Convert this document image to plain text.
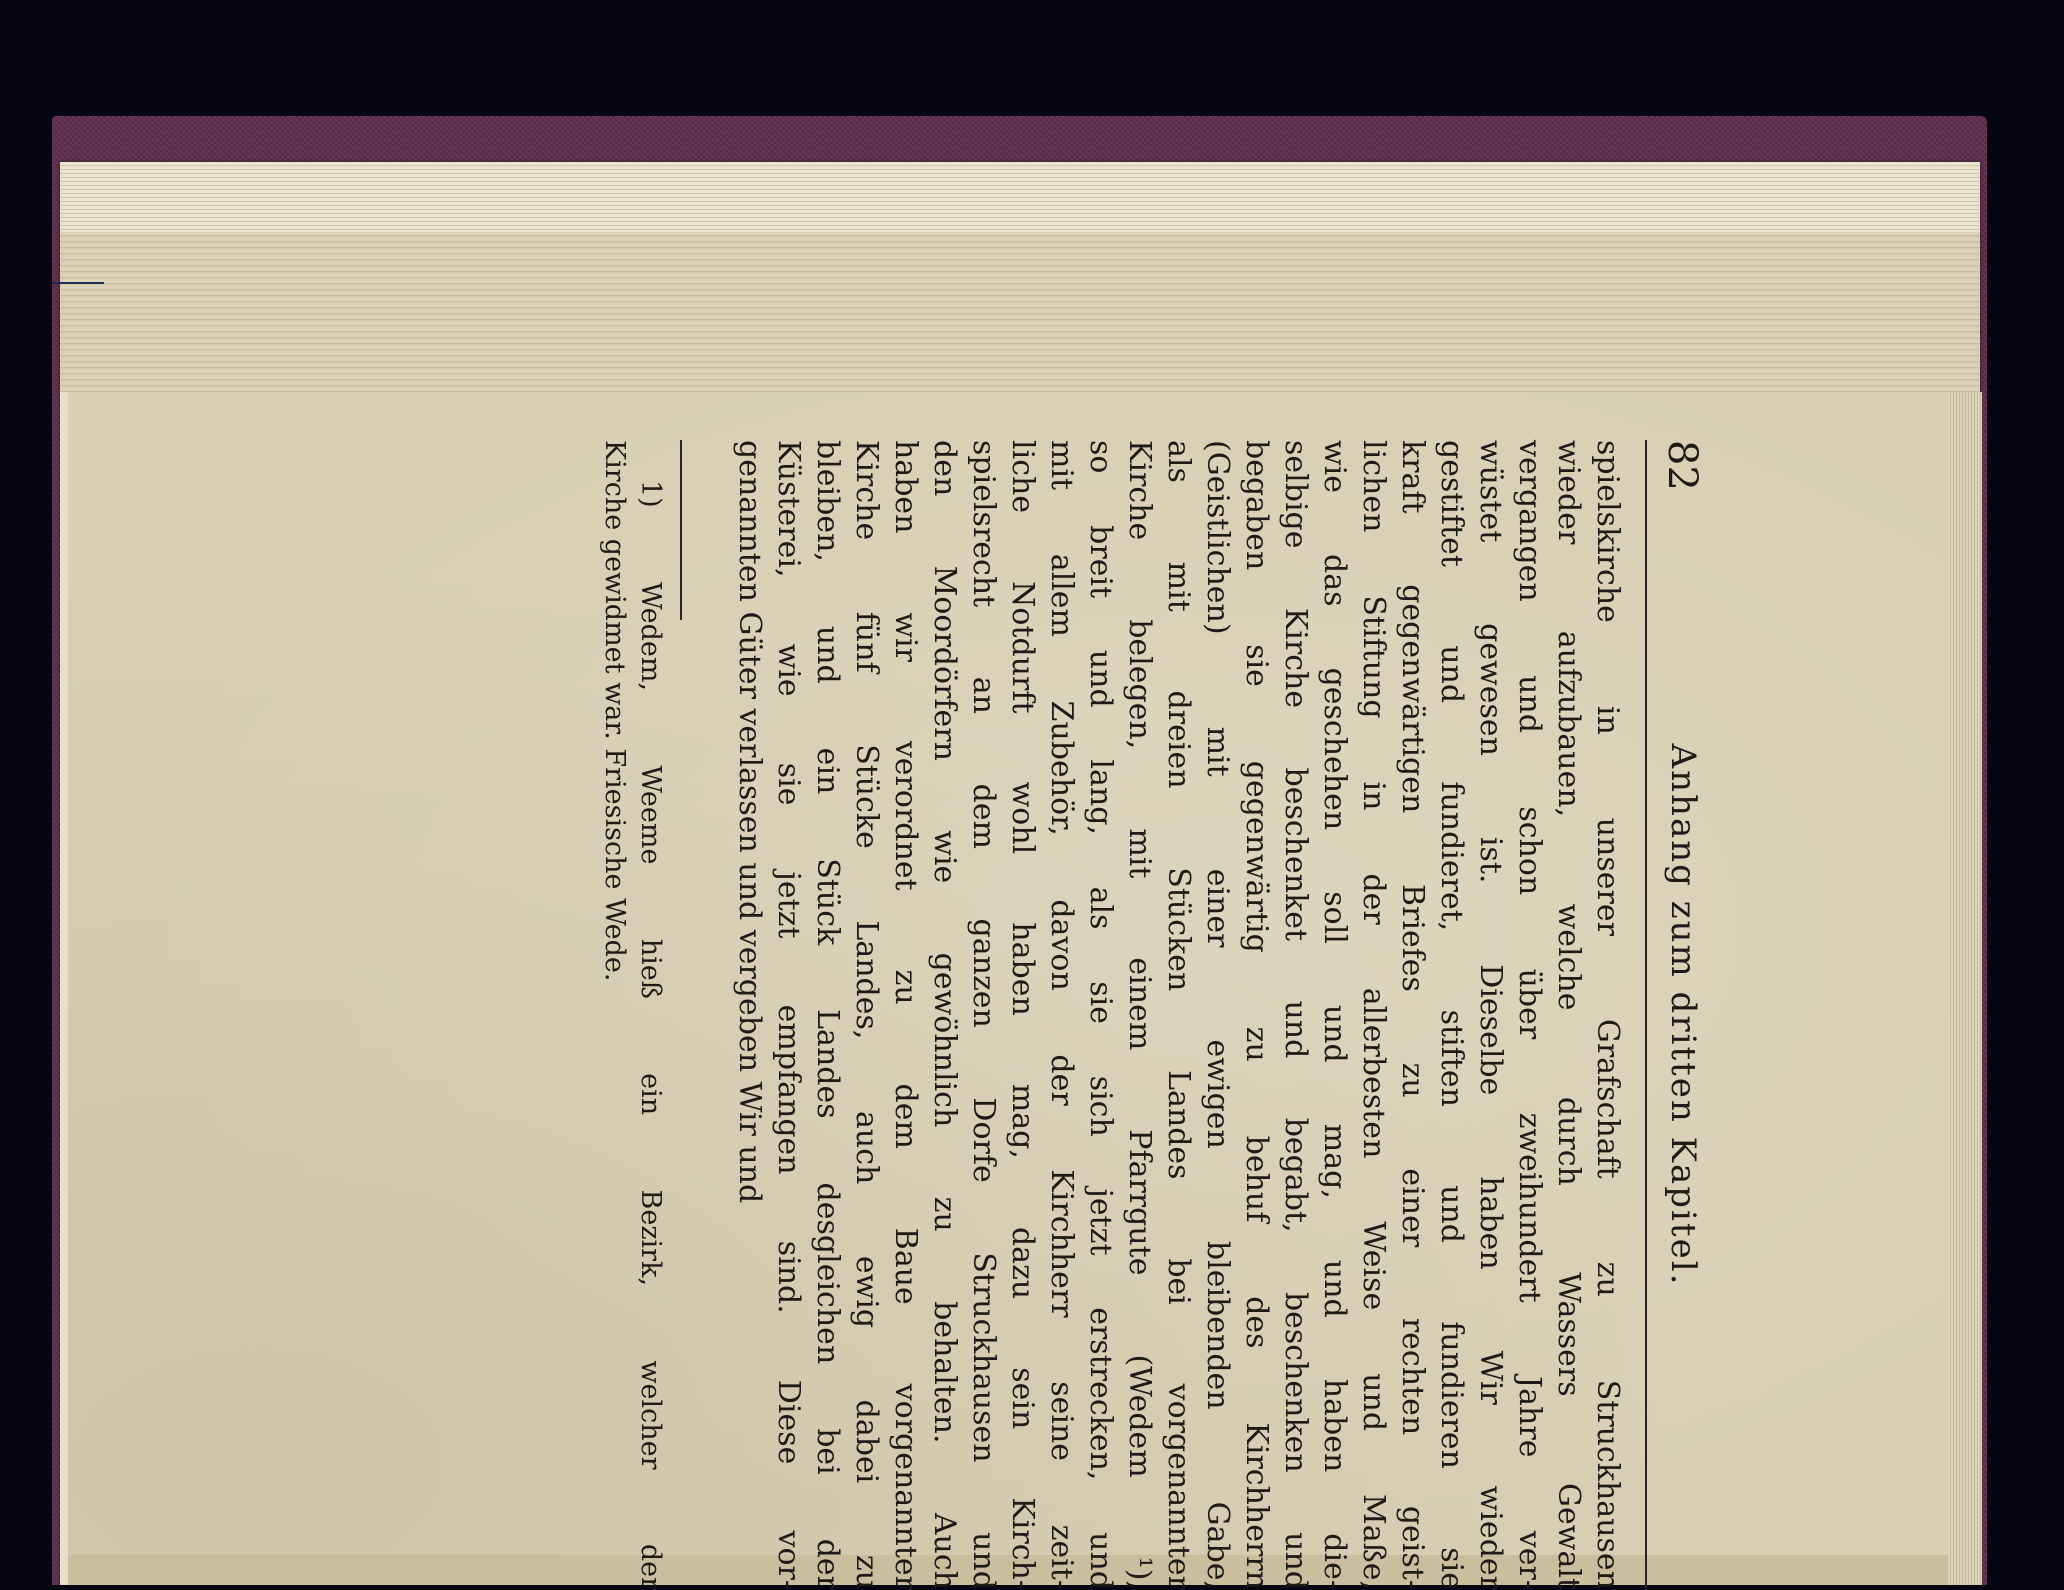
82
Anhang zum dritten Kapitel.
spielskirche in unserer Grafschaft zu Struckhausen
wieder aufzubauen, welche durch Wassers Gewalt
vergangen und schon über zweihundert Jahre ver-
wüstet gewesen ist. Dieselbe haben Wir wieder
gestiftet und fundieret, stiften und fundieren sie
kraft gegenwärtigen Briefes zu einer rechten geist-
lichen Stiftung in der allerbesten Weise und Maße,
wie das geschehen soll und mag, und haben die-
selbige Kirche beschenket und begabt, beschenken und
begaben sie gegenwärtig zu behuf des Kirchherrn
(Geistlichen) mit einer ewigen bleibenden Gabe,
als mit dreien Stücken Landes bei vorgenannter
Kirche belegen, mit einem Pfarrgute (Wedem ¹),
so breit und lang, als sie sich jetzt erstrecken, und
mit allem Zubehör, davon der Kirchherr seine zeit-
liche Notdurft wohl haben mag, dazu sein Kirch-
spielsrecht an dem ganzen Dorfe Struckhausen und
den Moordörfern wie gewöhnlich zu behalten. Auch
haben wir verordnet zu dem Baue vorgenannter
Kirche fünf Stücke Landes, auch ewig dabei zu
bleiben, und ein Stück Landes desgleichen bei der
Küsterei, wie sie jetzt empfangen sind. Diese vor-
genannten Güter verlassen und vergeben Wir und
1) Wedem, Weeme hieß ein Bezirk, welcher der
Kirche gewidmet war. Friesische Wede.
